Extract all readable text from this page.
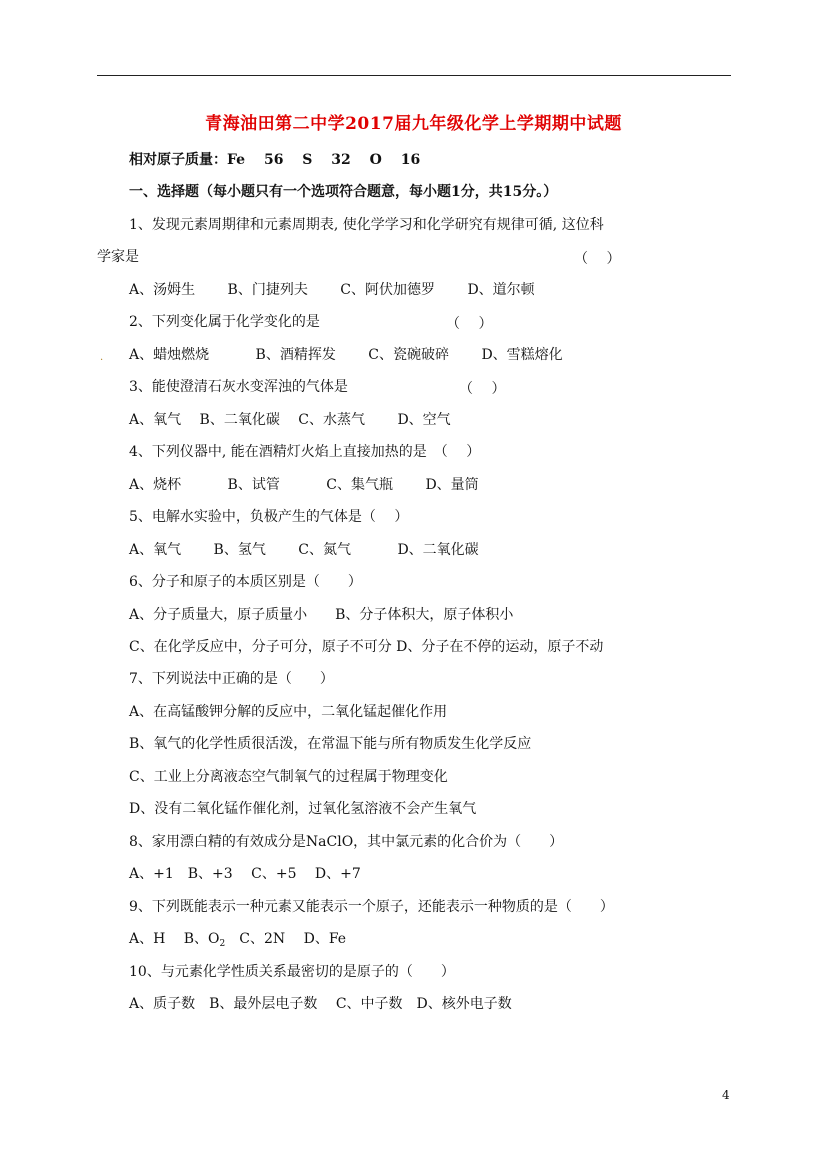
青海油田第二中学2017届九年级化学上学期期中试题
相对原子质量：Fe　 56　 S　 32　 O　 16
一、选择题（每小题只有一个选项符合题意，每小题1分，共15分。）
1、发现元素周期律和元素周期表, 使化学学习和化学研究有规律可循, 这位科
学家是	（　 ）
A、汤姆生　　 B、门捷列夫　　 C、阿伏加德罗　　 D、道尔顿
2、下列变化属于化学变化的是	（　 ）
. A、蜡烛燃烧　　　 B、酒精挥发　　 C、瓷碗破碎　　 D、雪糕熔化
3、能使澄清石灰水变浑浊的气体是	（　 ）
A、氧气　 B、二氧化碳　 C、水蒸气　　 D、空气
4、下列仪器中, 能在酒精灯火焰上直接加热的是　（　 ）
A、烧杯　　　 B、试管　　　 C、集气瓶　　 D、量筒
5、电解水实验中，负极产生的气体是（　 ）
A、氧气　　 B、氢气　　 C、氮气　　　 D、二氧化碳
6、分子和原子的本质区别是（　　）
A、分子质量大，原子质量小　　B、分子体积大，原子体积小
C、在化学反应中，分子可分，原子不可分 D、分子在不停的运动，原子不动
7、下列说法中正确的是（　　）
A、在高锰酸钾分解的反应中，二氧化锰起催化作用
B、氧气的化学性质很活泼，在常温下能与所有物质发生化学反应
C、工业上分离液态空气制氧气的过程属于物理变化
D、没有二氧化锰作催化剂，过氧化氢溶液不会产生氧气
8、家用漂白精的有效成分是NaClO，其中氯元素的化合价为（　　）
A、+1　B、+3　 C、+5　 D、+7
9、下列既能表示一种元素又能表示一个原子，还能表示一种物质的是（　　）
A、H　 B、$O_2$　C、2N　 D、Fe
10、与元素化学性质关系最密切的是原子的（　　）
A、质子数　B、最外层电子数　 C、中子数　D、核外电子数
4
